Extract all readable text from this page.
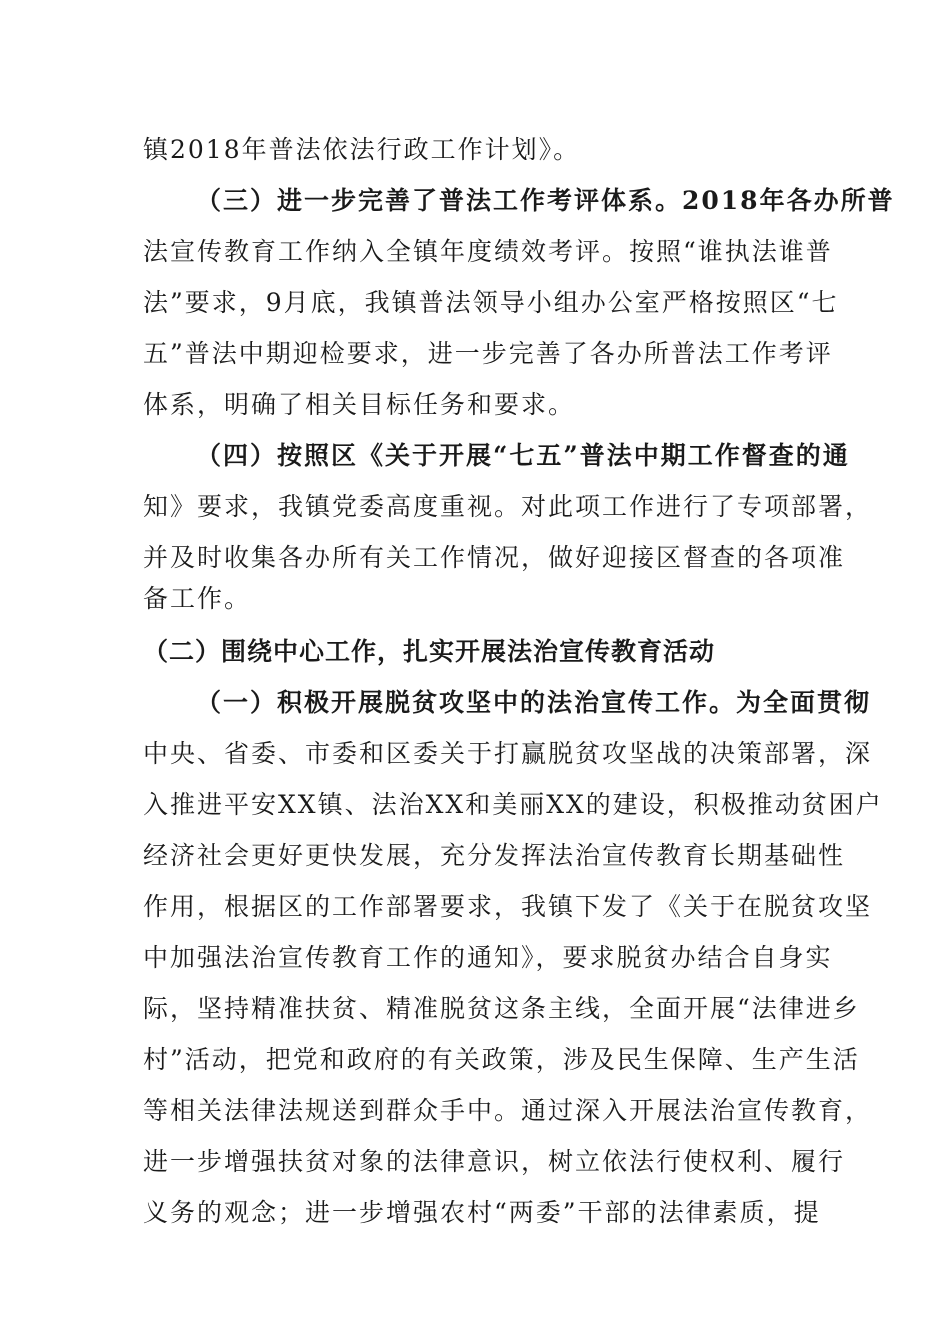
镇2018年普法依法行政工作计划》。
（三）进一步完善了普法工作考评体系。2018年各办所普
法宣传教育工作纳入全镇年度绩效考评。按照“谁执法谁普
法”要求，9月底，我镇普法领导小组办公室严格按照区“七
五”普法中期迎检要求，进一步完善了各办所普法工作考评
体系，明确了相关目标任务和要求。
（四）按照区《关于开展“七五”普法中期工作督查的通
知》要求，我镇党委高度重视。对此项工作进行了专项部署，
并及时收集各办所有关工作情况，做好迎接区督查的各项准
备工作。
（二）围绕中心工作，扎实开展法治宣传教育活动
（一）积极开展脱贫攻坚中的法治宣传工作。为全面贯彻
中央、省委、市委和区委关于打赢脱贫攻坚战的决策部署，深
入推进平安XX镇、法治XX和美丽XX的建设，积极推动贫困户
经济社会更好更快发展，充分发挥法治宣传教育长期基础性
作用，根据区的工作部署要求，我镇下发了《关于在脱贫攻坚
中加强法治宣传教育工作的通知》，要求脱贫办结合自身实
际，坚持精准扶贫、精准脱贫这条主线，全面开展“法律进乡
村”活动，把党和政府的有关政策，涉及民生保障、生产生活
等相关法律法规送到群众手中。通过深入开展法治宣传教育，
进一步增强扶贫对象的法律意识，树立依法行使权利、履行
义务的观念；进一步增强农村“两委”干部的法律素质，提
